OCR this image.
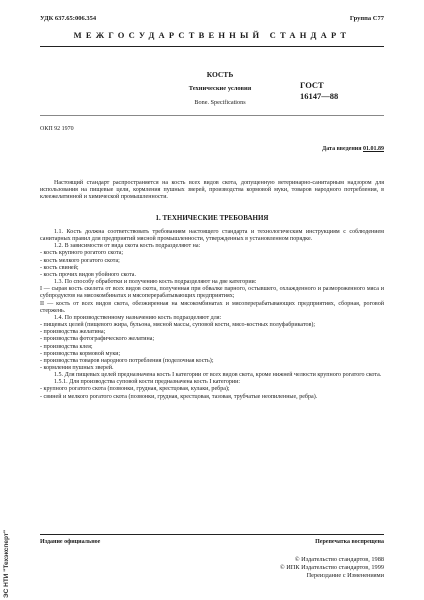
УДК 637.65:006.354	Группа С77
МЕЖГОСУДАРСТВЕННЫЙ СТАНДАРТ
КОСТЬ
Технические условия
Bone. Specifications
ГОСТ
16147—88
ОКП 92 1970
Дата введения 01.01.89

Настоящий стандарт распространяется на кость всех видов скота, допущенную ветеринарно-санитарным надзором для использования на пищевые цели, кормления пушных зверей, производства кормовой муки, товаров народного потребления, в клеежелатинной и химической промышленности.

1. ТЕХНИЧЕСКИЕ ТРЕБОВАНИЯ

1.1. Кость должна соответствовать требованиям настоящего стандарта и технологическим инструкциям с соблюдением санитарных правил для предприятий мясной промышленности, утвержденных в установленном порядке.

1.2. В зависимости от вида скота кость подразделяют на:

- кость крупного рогатого скота;

- кость мелкого рогатого скота;

- кость свиней;

- кость прочих видов убойного скота.

1.3. По способу обработки и получению кость подразделяют на две категории:

I — сырая кость скелета от всех видов скота, полученная при обвалке парного, остывшего, охлажденного и размороженного мяса и субпродуктов на мясокомбинатах и мясоперерабатывающих предприятиях;

II — кость от всех видов скота, обезжиренная на мясокомбинатах и мясоперерабатывающих предприятиях, сборная, роговой стержень.

1.4. По производственному назначению кость подразделяют для:

- пищевых целей (пищевого жира, бульона, мясной массы, суповой кости, мясо-костных полуфабрикатов);

- производства желатина;

- производства фотографического желатина;

- производства клея;

- производства кормовой муки;

- производства товаров народного потребления (поделочная кость);

- кормления пушных зверей.

1.5. Для пищевых целей предназначена кость I категории от всех видов скота, кроме нижней челюсти крупного рогатого скота.

1.5.1. Для производства суповой кости предназначена кость I категории:

- крупного рогатого скота (позвонки, грудная, крестцовая, кулаки, ребра);

- свиней и мелкого рогатого скота (позвонки, грудная, крестцовая, тазовая, трубчатые неопиленные, ребра).

Издание официальное	Перепечатка воспрещена
© Издательство стандартов, 1988
© ИПК Издательство стандартов, 1999
Переиздание с Изменениями
ЭС НТИ "Техэксперт"
